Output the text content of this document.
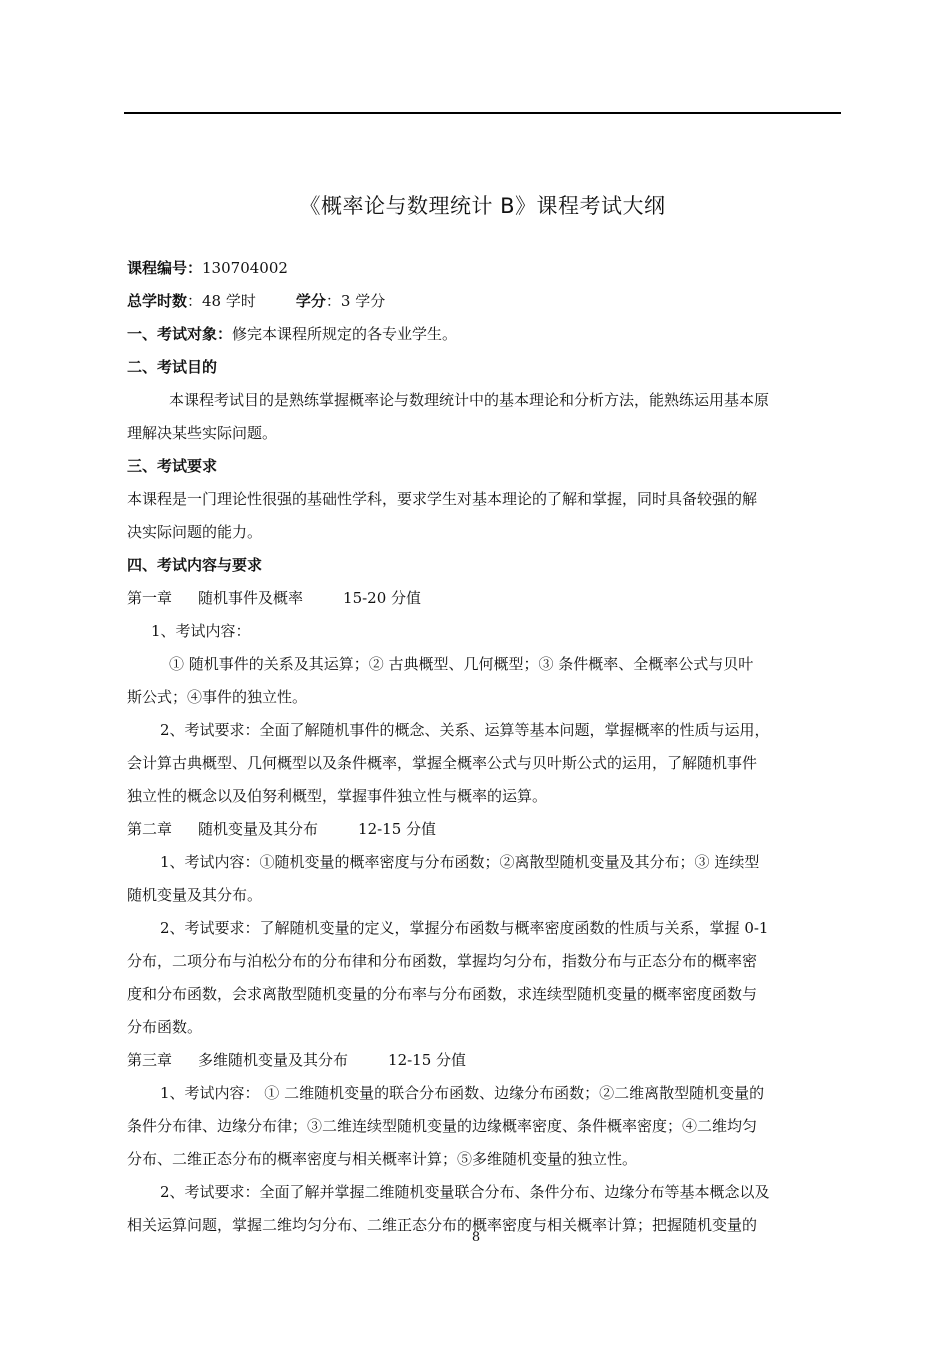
《概率论与数理统计 B》课程考试大纲
课程编号：130704002
总学时数：48 学时	学分：3 学分
一、考试对象：修完本课程所规定的各专业学生。
二、考试目的
本课程考试目的是熟练掌握概率论与数理统计中的基本理论和分析方法，能熟练运用基本原
理解决某些实际问题。
三、考试要求
本课程是一门理论性很强的基础性学科，要求学生对基本理论的了解和掌握，同时具备较强的解
决实际问题的能力。
四、考试内容与要求
第一章 随机事件及概率	15-20 分值
1、考试内容：
① 随机事件的关系及其运算；② 古典概型、几何概型；③ 条件概率、全概率公式与贝叶
斯公式；④事件的独立性。
2、考试要求：全面了解随机事件的概念、关系、运算等基本问题，掌握概率的性质与运用，
会计算古典概型、几何概型以及条件概率，掌握全概率公式与贝叶斯公式的运用，了解随机事件
独立性的概念以及伯努利概型，掌握事件独立性与概率的运算。
第二章 随机变量及其分布	12-15 分值
1、考试内容：①随机变量的概率密度与分布函数；②离散型随机变量及其分布；③ 连续型
随机变量及其分布。
2、考试要求：了解随机变量的定义，掌握分布函数与概率密度函数的性质与关系，掌握 0-1
分布，二项分布与泊松分布的分布律和分布函数，掌握均匀分布，指数分布与正态分布的概率密
度和分布函数，会求离散型随机变量的分布率与分布函数，求连续型随机变量的概率密度函数与
分布函数。
第三章 多维随机变量及其分布	12-15 分值
1、考试内容： ① 二维随机变量的联合分布函数、边缘分布函数；②二维离散型随机变量的
条件分布律、边缘分布律；③二维连续型随机变量的边缘概率密度、条件概率密度；④二维均匀
分布、二维正态分布的概率密度与相关概率计算；⑤多维随机变量的独立性。
2、考试要求：全面了解并掌握二维随机变量联合分布、条件分布、边缘分布等基本概念以及
相关运算问题，掌握二维均匀分布、二维正态分布的概率密度与相关概率计算；把握随机变量的
8
